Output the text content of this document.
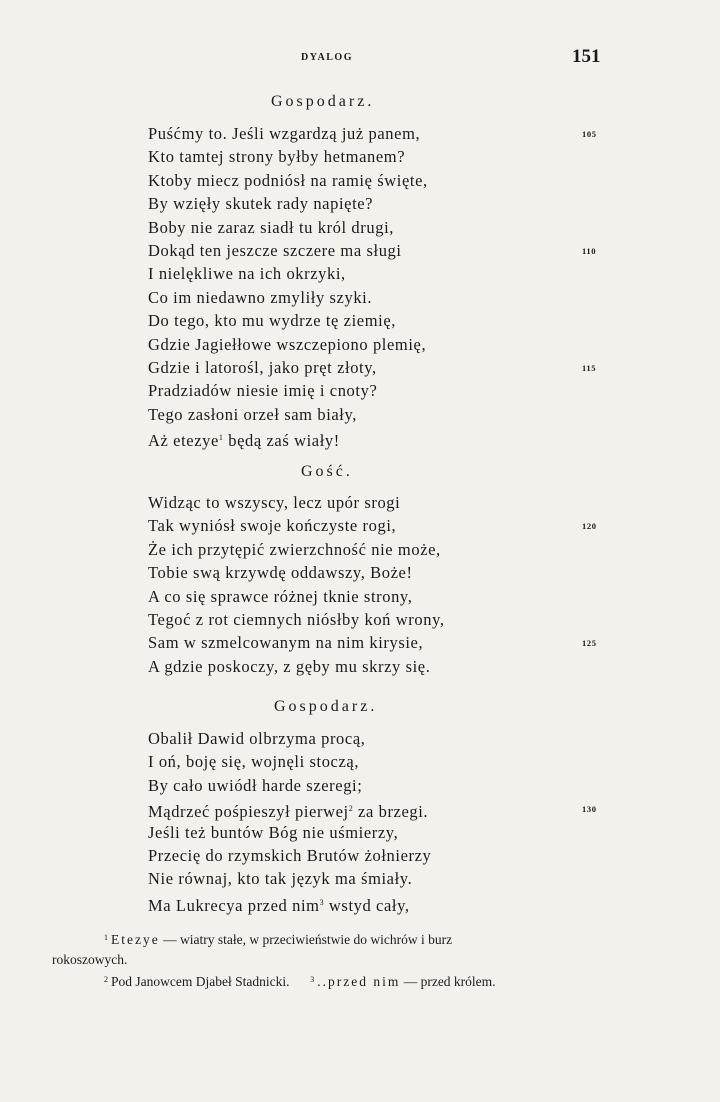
DYALOG	151
Gospodarz.
Puśćmy to. Jeśli wzgardzą już panem,	105
Kto tamtej strony byłby hetmanem?
Ktoby miecz podniósł na ramię święte,
By wzięły skutek rady napięte?
Boby nie zaraz siadł tu król drugi,
Dokąd ten jeszcze szczere ma sługi	110
I nielękliwe na ich okrzyki,
Co im niedawno zmyliły szyki.
Do tego, kto mu wydrze tę ziemię,
Gdzie Jagiełłowe wszczepiono plemię,
Gdzie i latorośl, jako pręt złoty,	115
Pradziadów niesie imię i cnoty?
Tego zasłoni orzeł sam biały,
Aż etezye$^1$ będą zaś wiały!
Gość.
Widząc to wszyscy, lecz upór srogi
Tak wyniósł swoje kończyste rogi,	120
Że ich przytępić zwierzchność nie może,
Tobie swą krzywdę oddawszy, Boże!
A co się sprawce różnej tknie strony,
Tegoć z rot ciemnych niósłby koń wrony,
Sam w szmelcowanym na nim kirysie,	125
A gdzie poskoczy, z gęby mu skrzy się.
Gospodarz.
Obalił Dawid olbrzyma procą,
I oń, boję się, wojnęli stoczą,
By cało uwiódł harde szeregi;
Mądrzeć pośpieszył pierwej$^2$ za brzegi.	130
Jeśli też buntów Bóg nie uśmierzy,
Przecię do rzymskich Brutów żołnierzy
Nie równaj, kto tak język ma śmiały.
Ma Lukrecya przed nim$^3$ wstyd cały,
$^1$ Etezye — wiatry stałe, w przeciwieństwie do wichrów i burz
rokoszowych.
$^2$ Pod Janowcem Djabeł Stadnicki.	$^3$ ..przed nim — przed królem.
